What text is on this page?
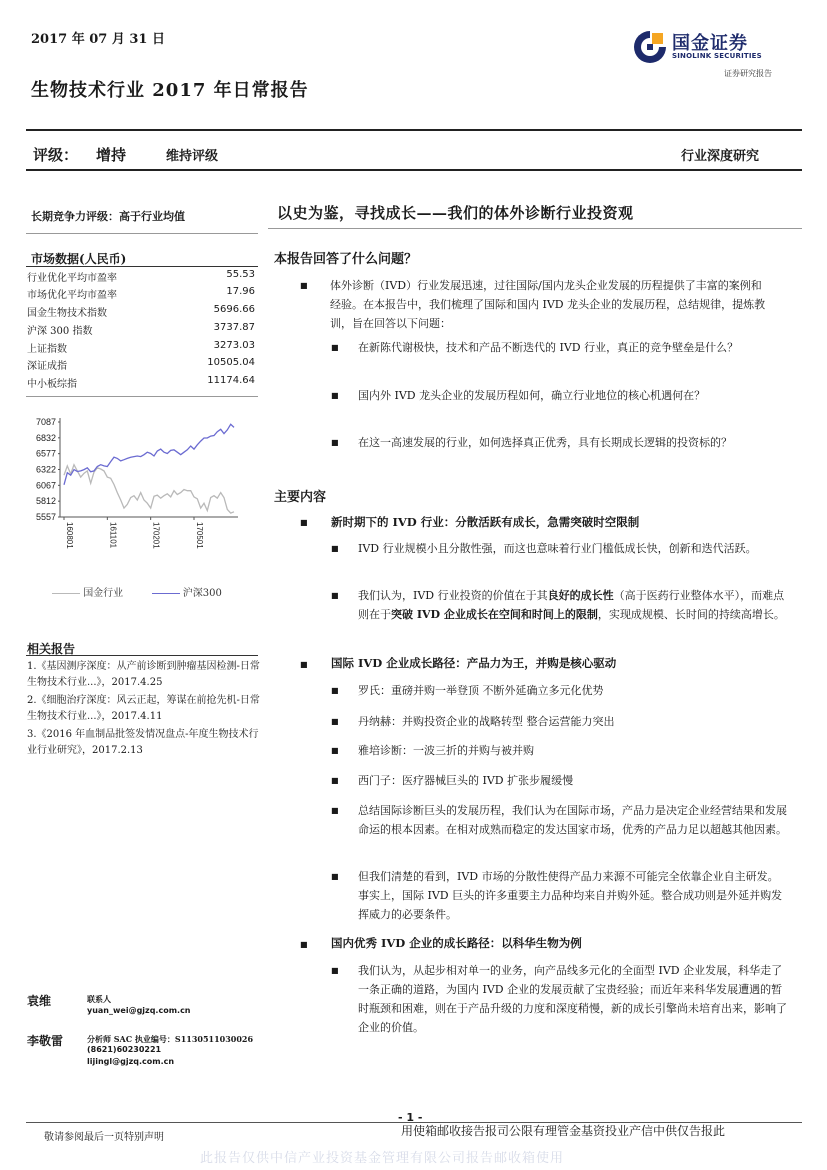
2017 年 07 月 31 日
生物技术行业 2017 年日常报告
国金证券
SINOLINK SECURITIES
证券研究报告
评级： 增持	维持评级	行业深度研究
长期竞争力评级：高于行业均值
市场数据(人民币)
行业优化平均市盈率	55.53
市场优化平均市盈率	17.96
国金生物技术指数	5696.66
沪深 300 指数	3737.87
上证指数	3273.03
深证成指	10505.04
中小板综指	11174.64
7087
6832
6577
6322
6067
5812
5557
160801	161101	170201	170501
国金行业	沪深300
相关报告
1.《基因测序深度：从产前诊断到肿瘤基因检测-日常生物技术行业...》，2017.4.25
2.《细胞治疗深度：风云正起，筹谋在前抢先机-日常生物技术行业...》，2017.4.11
3.《2016 年血制品批签发情况盘点-年度生物技术行业行业研究》，2017.2.13
袁维	联系人
yuan_wei@gjzq.com.cn
李敬雷	分析师 SAC 执业编号：S1130511030026
(8621)60230221
lijingl@gjzq.com.cn
以史为鉴，寻找成长——我们的体外诊断行业投资观
本报告回答了什么问题？
■ 体外诊断（IVD）行业发展迅速，过往国际/国内龙头企业发展的历程提供了丰富的案例和经验。在本报告中，我们梳理了国际和国内 IVD 龙头企业的发展历程，总结规律，提炼教训，旨在回答以下问题：
■ 在新陈代谢极快，技术和产品不断迭代的 IVD 行业，真正的竞争壁垒是什么？
■ 国内外 IVD 龙头企业的发展历程如何，确立行业地位的核心机遇何在？
■ 在这一高速发展的行业，如何选择真正优秀，具有长期成长逻辑的投资标的？
主要内容
■ 新时期下的 IVD 行业：分散活跃有成长，急需突破时空限制
■ IVD 行业规模小且分散性强，而这也意味着行业门槛低成长快，创新和迭代活跃。
■ 我们认为，IVD 行业投资的价值在于其良好的成长性（高于医药行业整体水平），而难点则在于突破 IVD 企业成长在空间和时间上的限制，实现成规模、长时间的持续高增长。
■ 国际 IVD 企业成长路径：产品力为王，并购是核心驱动
■ 罗氏：重磅并购一举登顶 不断外延确立多元化优势
■ 丹纳赫：并购投资企业的战略转型 整合运营能力突出
■ 雅培诊断：一波三折的并购与被并购
■ 西门子：医疗器械巨头的 IVD 扩张步履缓慢
■ 总结国际诊断巨头的发展历程，我们认为在国际市场，产品力是决定企业经营结果和发展命运的根本因素。在相对成熟而稳定的发达国家市场，优秀的产品力足以超越其他因素。
■ 但我们清楚的看到，IVD 市场的分散性使得产品力来源不可能完全依靠企业自主研发。事实上，国际 IVD 巨头的许多重要主力品种均来自并购外延。整合成功则是外延并购发挥威力的必要条件。
■ 国内优秀 IVD 企业的成长路径：以科华生物为例
■ 我们认为，从起步相对单一的业务，向产品线多元化的全面型 IVD 企业发展，科华走了一条正确的道路，为国内 IVD 企业的发展贡献了宝贵经验；而近年来科华发展遭遇的暂时瓶颈和困难，则在于产品升级的力度和深度稍慢，新的成长引擎尚未培育出来，影响了企业的价值。
- 1 -
敬请参阅最后一页特别声明	用使箱邮收接告报司公限有理管金基资投业产信中供仅告报此
此报告仅供中信产业投资基金管理有限公司报告邮收箱使用
